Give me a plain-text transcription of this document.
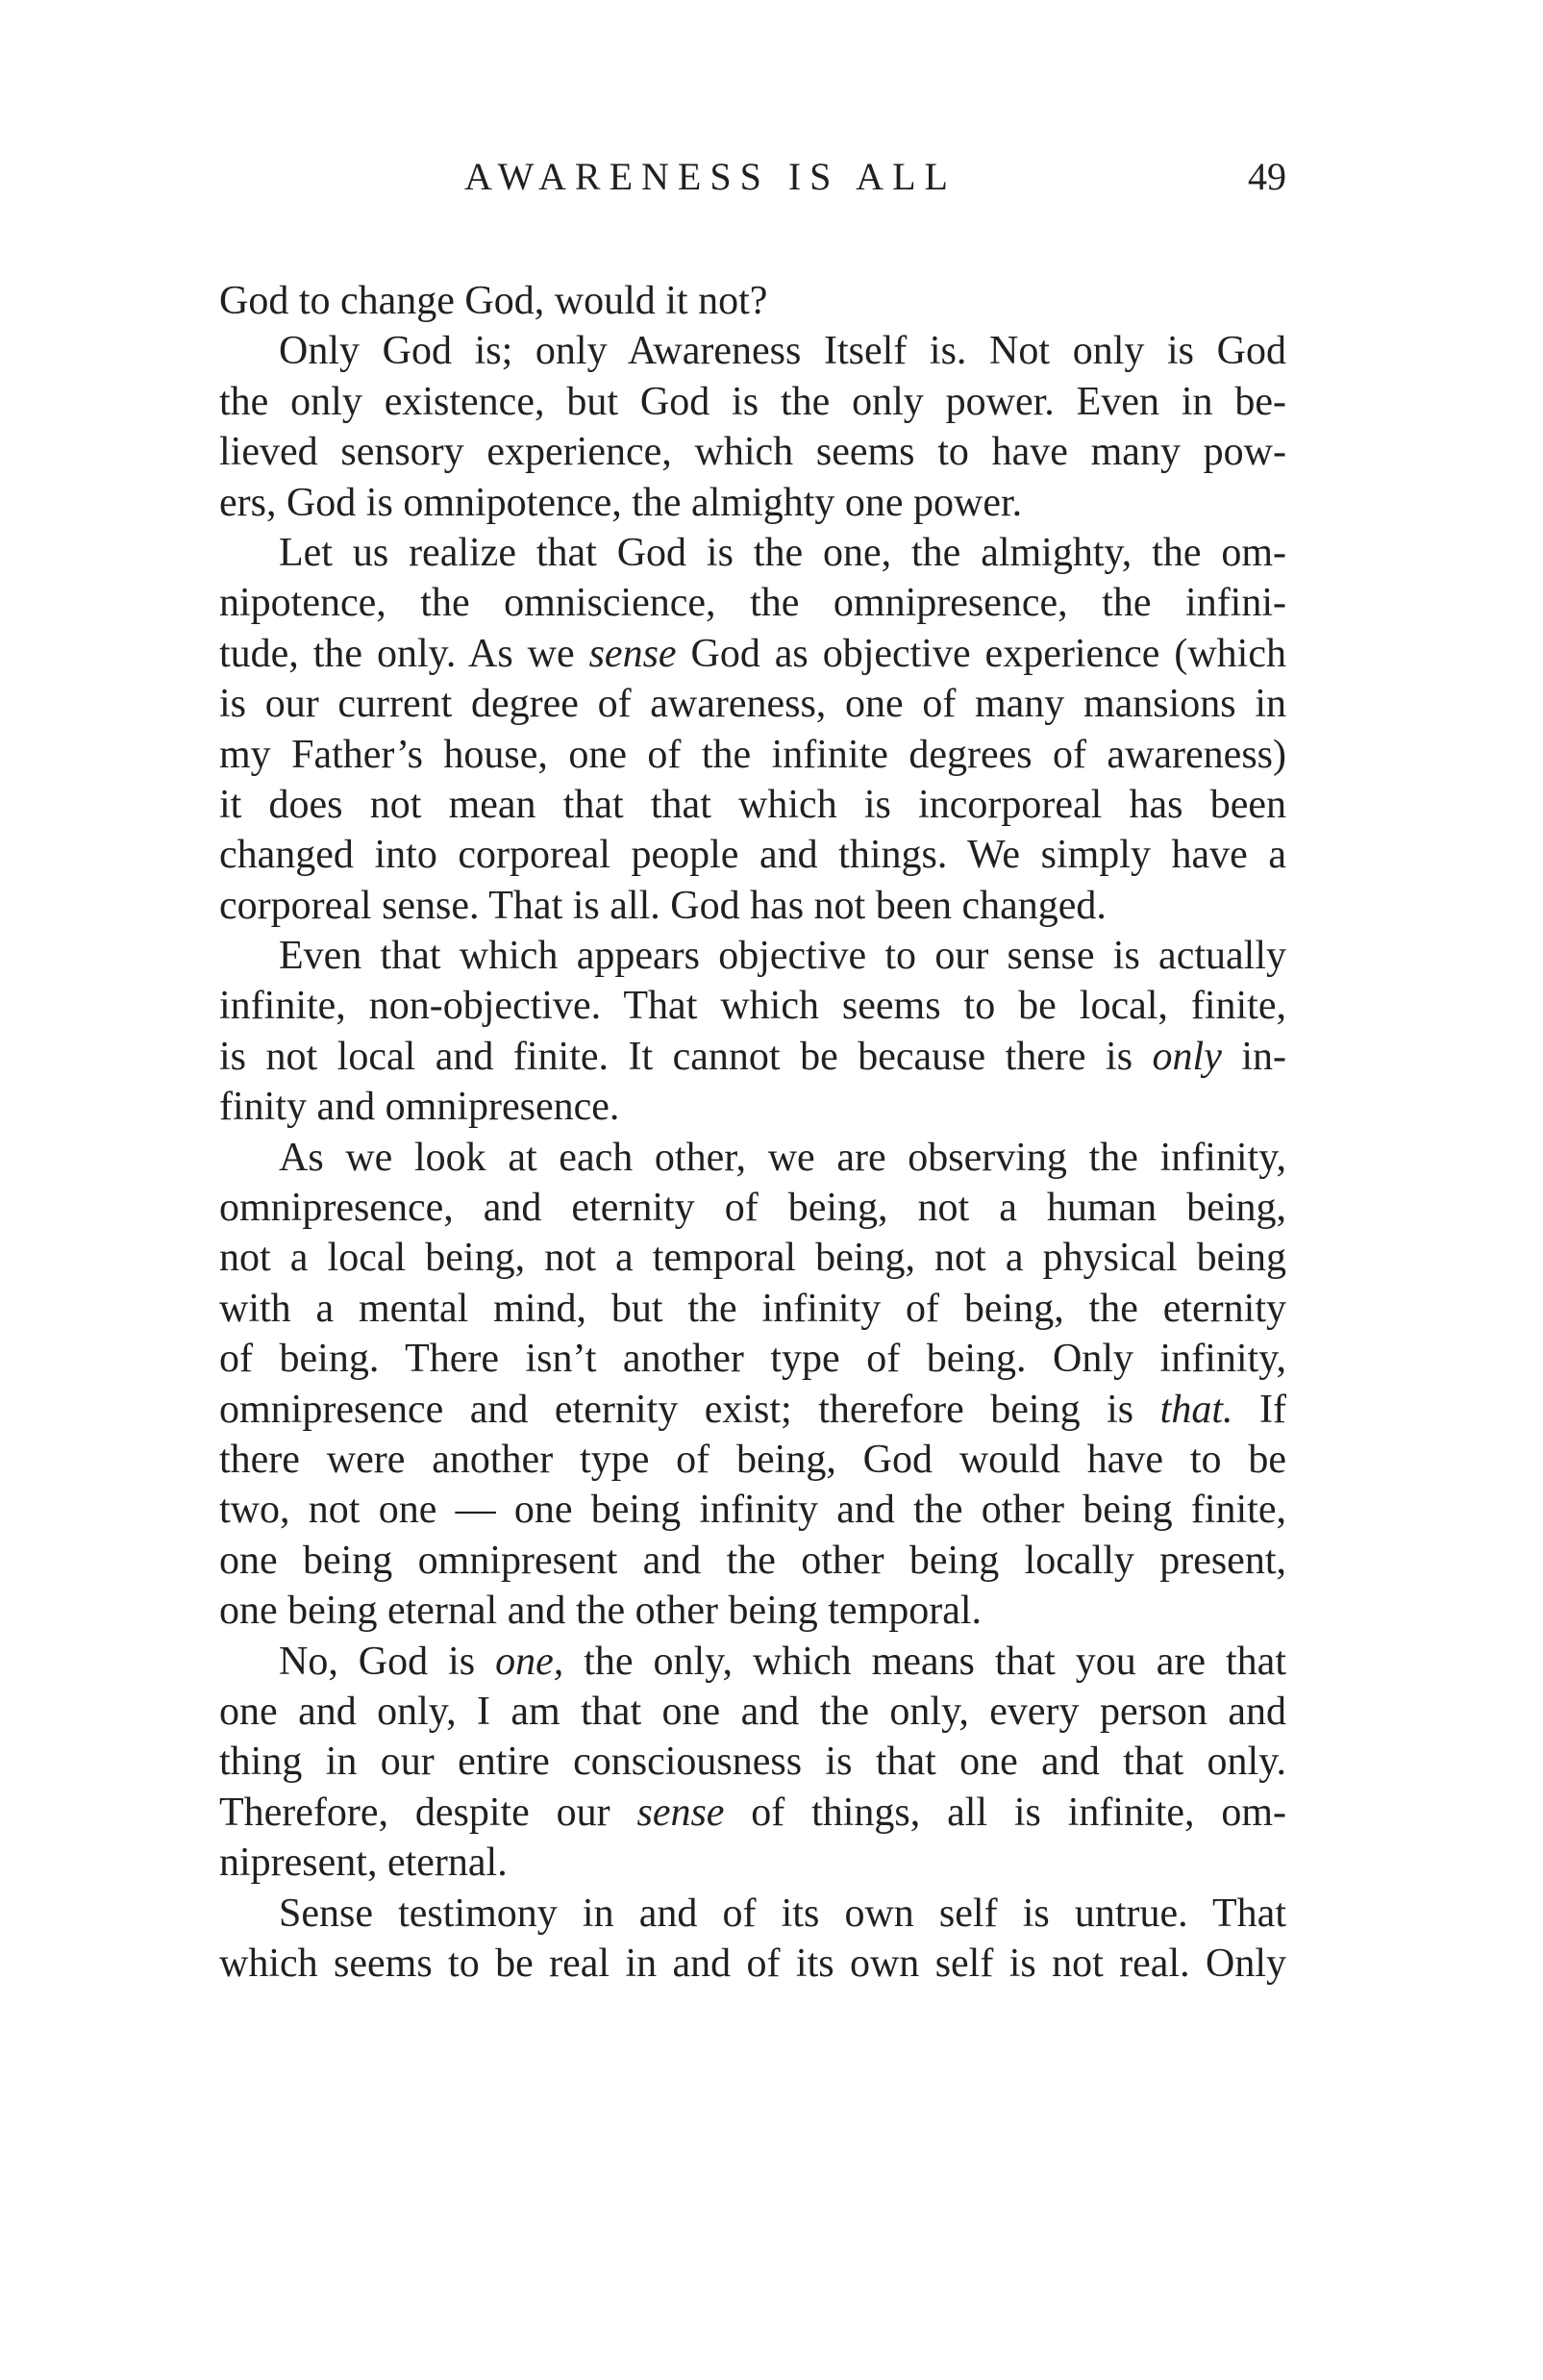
AWARENESS IS ALL	49
God to change God, would it not?
Only God is; only Awareness Itself is. Not only is God
the only existence, but God is the only power. Even in be-
lieved sensory experience, which seems to have many pow-
ers, God is omnipotence, the almighty one power.
Let us realize that God is the one, the almighty, the om-
nipotence, the omniscience, the omnipresence, the infini-
tude, the only. As we sense God as objective experience (which
is our current degree of awareness, one of many mansions in
my Father’s house, one of the infinite degrees of awareness)
it does not mean that that which is incorporeal has been
changed into corporeal people and things. We simply have a
corporeal sense. That is all. God has not been changed.
Even that which appears objective to our sense is actually
infinite, non-objective. That which seems to be local, finite,
is not local and finite. It cannot be because there is only in-
finity and omnipresence.
As we look at each other, we are observing the infinity,
omnipresence, and eternity of being, not a human being,
not a local being, not a temporal being, not a physical being
with a mental mind, but the infinity of being, the eternity
of being. There isn’t another type of being. Only infinity,
omnipresence and eternity exist; therefore being is that. If
there were another type of being, God would have to be
two, not one — one being infinity and the other being finite,
one being omnipresent and the other being locally present,
one being eternal and the other being temporal.
No, God is one, the only, which means that you are that
one and only, I am that one and the only, every person and
thing in our entire consciousness is that one and that only.
Therefore, despite our sense of things, all is infinite, om-
nipresent, eternal.
Sense testimony in and of its own self is untrue. That
which seems to be real in and of its own self is not real. Only
